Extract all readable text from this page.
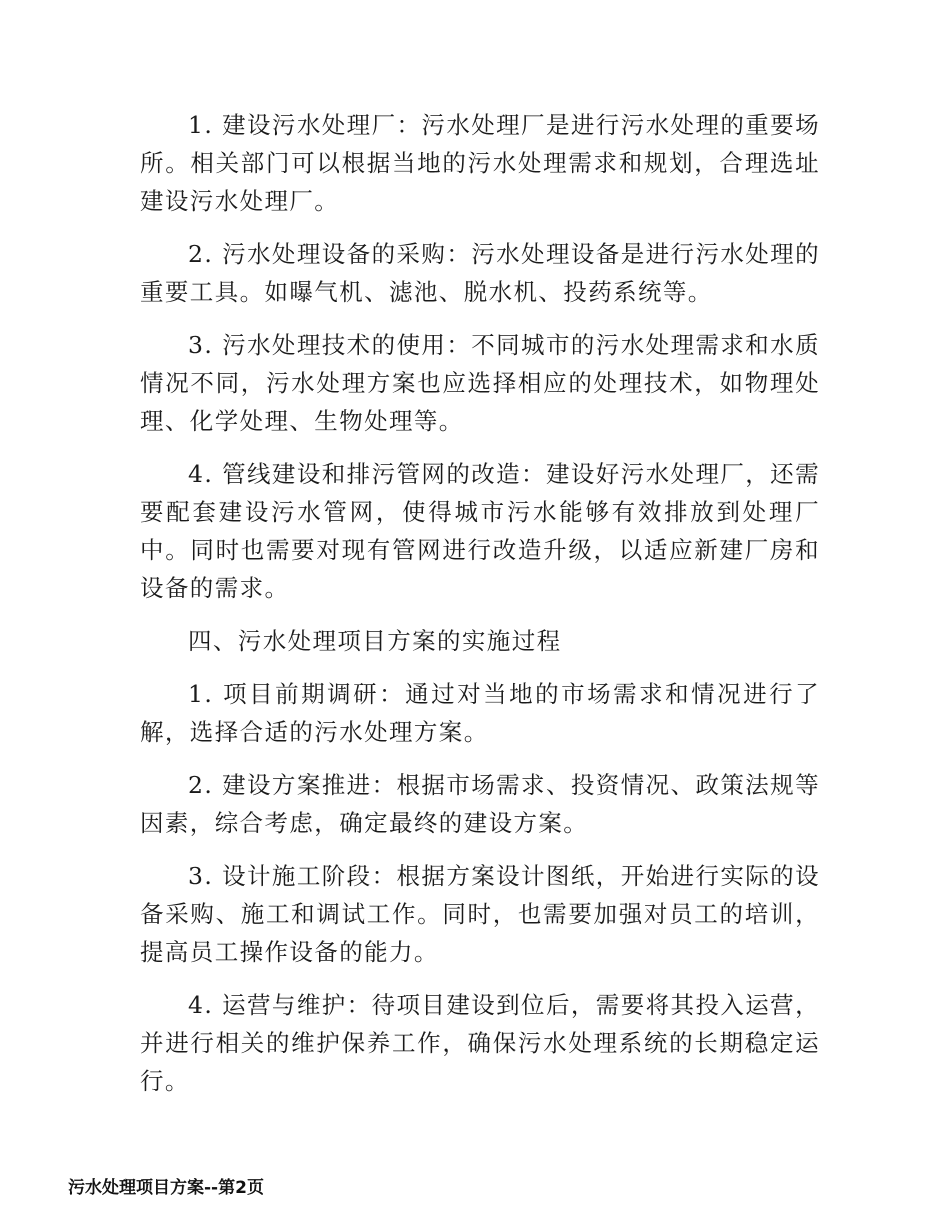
1. 建设污水处理厂：污水处理厂是进行污水处理的重要场所。相关部门可以根据当地的污水处理需求和规划，合理选址建设污水处理厂。

2. 污水处理设备的采购：污水处理设备是进行污水处理的重要工具。如曝气机、滤池、脱水机、投药系统等。

3. 污水处理技术的使用：不同城市的污水处理需求和水质情况不同，污水处理方案也应选择相应的处理技术，如物理处理、化学处理、生物处理等。

4. 管线建设和排污管网的改造：建设好污水处理厂，还需要配套建设污水管网，使得城市污水能够有效排放到处理厂中。同时也需要对现有管网进行改造升级，以适应新建厂房和设备的需求。

四、污水处理项目方案的实施过程

1. 项目前期调研：通过对当地的市场需求和情况进行了解，选择合适的污水处理方案。

2. 建设方案推进：根据市场需求、投资情况、政策法规等因素，综合考虑，确定最终的建设方案。

3. 设计施工阶段：根据方案设计图纸，开始进行实际的设备采购、施工和调试工作。同时，也需要加强对员工的培训，提高员工操作设备的能力。

4. 运营与维护：待项目建设到位后，需要将其投入运营，并进行相关的维护保养工作，确保污水处理系统的长期稳定运行。

污水处理项目方案--第2页
